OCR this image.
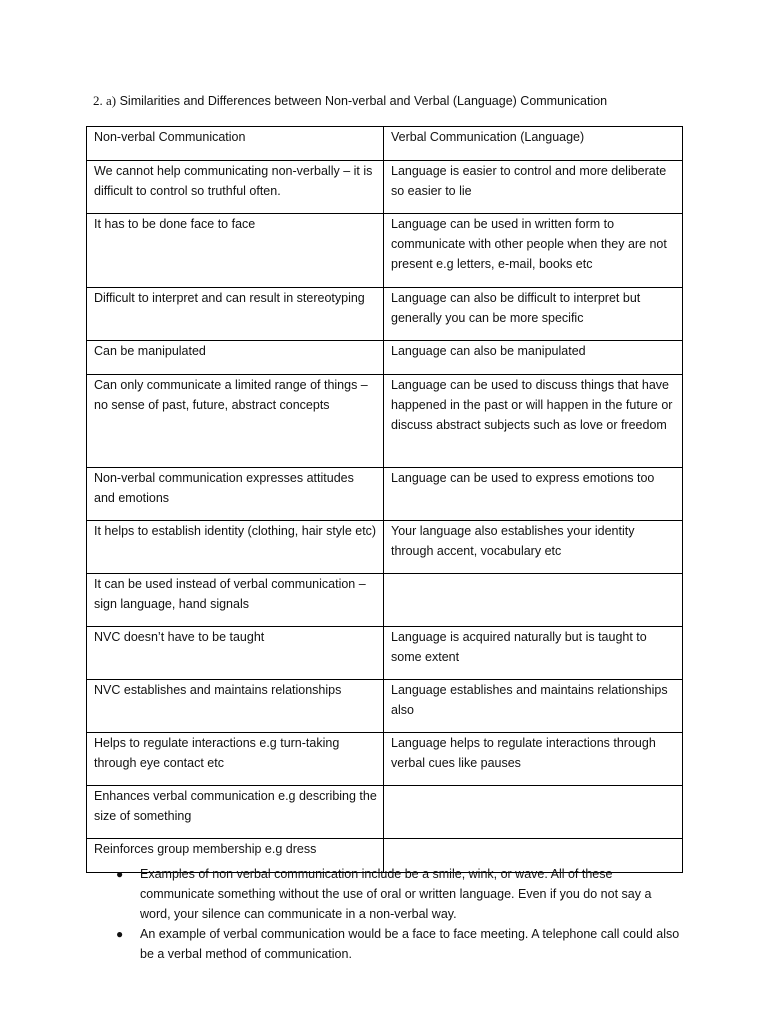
2. a) Similarities and Differences between Non-verbal and Verbal (Language) Communication
Non-verbal Communication	Verbal Communication (Language)
We cannot help communicating non-verbally – it is difficult to control so truthful often.	Language is easier to control and more deliberate so easier to lie
It has to be done face to face	Language can be used in written form to communicate with other people when they are not present e.g letters, e-mail, books etc
Difficult to interpret and can result in stereotyping	Language can also be difficult to interpret but generally you can be more specific
Can be manipulated	Language can also be manipulated
Can only communicate a limited range of things – no sense of past, future, abstract concepts	Language can be used to discuss things that have happened in the past or will happen in the future or discuss abstract subjects such as love or freedom
Non-verbal communication expresses attitudes and emotions	Language can be used to express emotions too
It helps to establish identity (clothing, hair style etc)	Your language also establishes your identity through accent, vocabulary etc
It can be used instead of verbal communication – sign language, hand signals	
NVC doesn’t have to be taught	Language is acquired naturally but is taught to some extent
NVC establishes and maintains relationships	Language establishes and maintains relationships also
Helps to regulate interactions e.g turn-taking through eye contact etc	Language helps to regulate interactions through verbal cues like pauses
Enhances verbal communication e.g describing the size of something	
Reinforces group membership e.g dress	
● Examples of non verbal communication include be a smile, wink, or wave. All of these communicate something without the use of oral or written language. Even if you do not say a word, your silence can communicate in a non-verbal way.
● An example of verbal communication would be a face to face meeting. A telephone call could also be a verbal method of communication.
